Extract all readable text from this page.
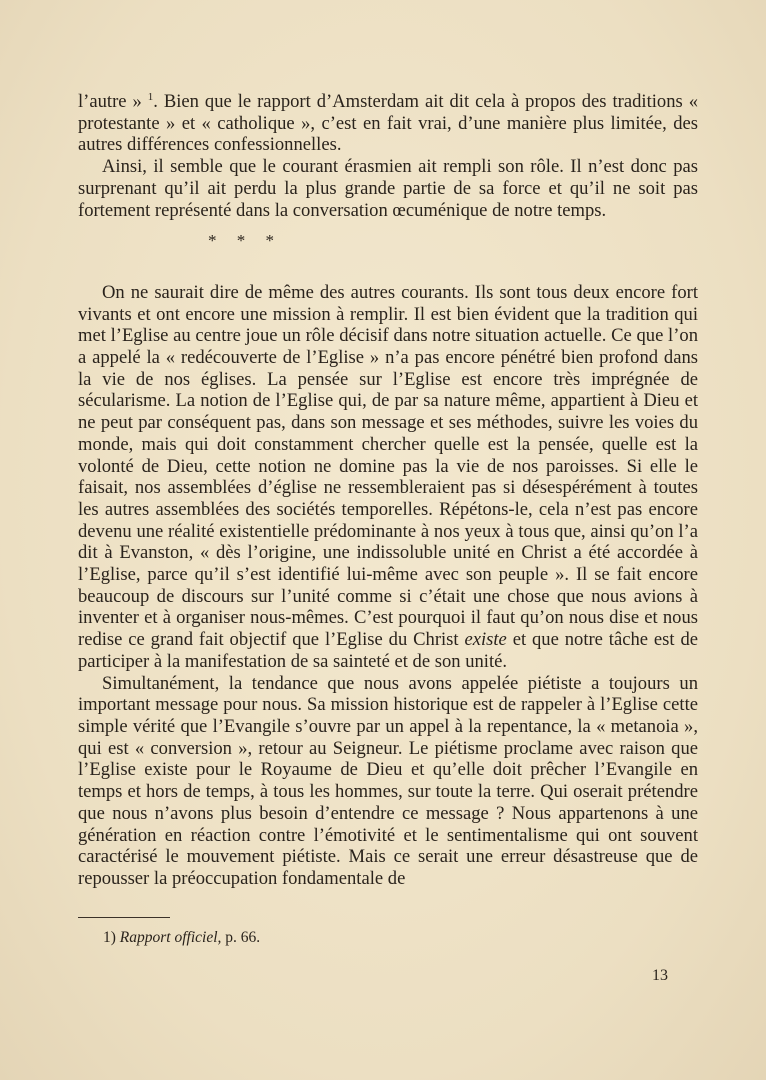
l’autre » $^1$. Bien que le rapport d’Amsterdam ait dit cela à propos des traditions « protestante » et « catholique », c’est en fait vrai, d’une manière plus limitée, des autres différences confessionnelles.

Ainsi, il semble que le courant érasmien ait rempli son rôle. Il n’est donc pas surprenant qu’il ait perdu la plus grande partie de sa force et qu’il ne soit pas fortement représenté dans la conversation œcuménique de notre temps.

* * *

On ne saurait dire de même des autres courants. Ils sont tous deux encore fort vivants et ont encore une mission à remplir. Il est bien évident que la tradition qui met l’Eglise au centre joue un rôle décisif dans notre situation actuelle. Ce que l’on a appelé la « redécouverte de l’Eglise » n’a pas encore pénétré bien profond dans la vie de nos églises. La pensée sur l’Eglise est encore très imprégnée de sécularisme. La notion de l’Eglise qui, de par sa nature même, appartient à Dieu et ne peut par conséquent pas, dans son message et ses méthodes, suivre les voies du monde, mais qui doit constamment chercher quelle est la pensée, quelle est la volonté de Dieu, cette notion ne domine pas la vie de nos paroisses. Si elle le faisait, nos assemblées d’église ne ressembleraient pas si désespérément à toutes les autres assemblées des sociétés temporelles. Répétons-le, cela n’est pas encore devenu une réalité existentielle prédominante à nos yeux à tous que, ainsi qu’on l’a dit à Evanston, « dès l’origine, une indissoluble unité en Christ a été accordée à l’Eglise, parce qu’il s’est identifié lui-même avec son peuple ». Il se fait encore beaucoup de discours sur l’unité comme si c’était une chose que nous avions à inventer et à organiser nous-mêmes. C’est pourquoi il faut qu’on nous dise et nous redise ce grand fait objectif que l’Eglise du Christ existe et que notre tâche est de participer à la manifestation de sa sainteté et de son unité.

Simultanément, la tendance que nous avons appelée piétiste a toujours un important message pour nous. Sa mission historique est de rappeler à l’Eglise cette simple vérité que l’Evangile s’ouvre par un appel à la repentance, la « metanoia », qui est « conversion », retour au Seigneur. Le piétisme proclame avec raison que l’Eglise existe pour le Royaume de Dieu et qu’elle doit prêcher l’Evangile en temps et hors de temps, à tous les hommes, sur toute la terre. Qui oserait prétendre que nous n’avons plus besoin d’entendre ce message ? Nous appartenons à une génération en réaction contre l’émotivité et le sentimentalisme qui ont souvent caractérisé le mouvement piétiste. Mais ce serait une erreur désastreuse que de repousser la préoccupation fondamentale de

1) Rapport officiel, p. 66.
13
